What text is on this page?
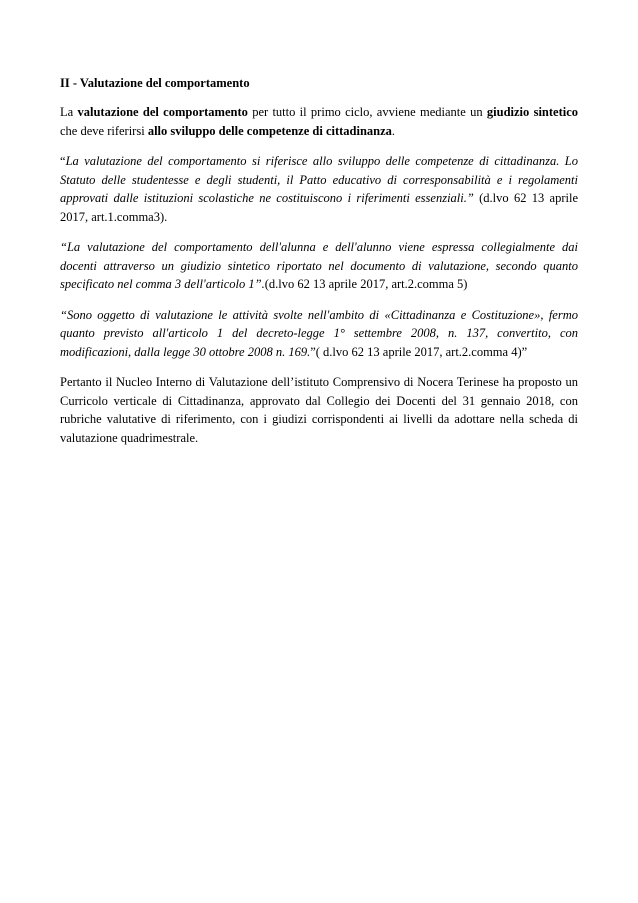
II - Valutazione del comportamento

La valutazione del comportamento per tutto il primo ciclo, avviene mediante un giudizio sintetico che deve riferirsi allo sviluppo delle competenze di cittadinanza.

“La valutazione del comportamento si riferisce allo sviluppo delle competenze di cittadinanza. Lo Statuto delle studentesse e degli studenti, il Patto educativo di corresponsabilità e i regolamenti approvati dalle istituzioni scolastiche ne costituiscono i riferimenti essenziali.” (d.lvo 62 13 aprile 2017, art.1.comma3).

“La valutazione del comportamento dell'alunna e dell'alunno viene espressa collegialmente dai docenti attraverso un giudizio sintetico riportato nel documento di valutazione, secondo quanto specificato nel comma 3 dell'articolo 1”.(d.lvo 62 13 aprile 2017, art.2.comma 5)

“Sono oggetto di valutazione le attività svolte nell'ambito di «Cittadinanza e Costituzione», fermo quanto previsto all'articolo 1 del decreto-legge 1° settembre 2008, n. 137, convertito, con modificazioni, dalla legge 30 ottobre 2008 n. 169.”( d.lvo 62 13 aprile 2017, art.2.comma 4)”

Pertanto il Nucleo Interno di Valutazione dell’istituto Comprensivo di Nocera Terinese ha proposto un Curricolo verticale di Cittadinanza, approvato dal Collegio dei Docenti del 31 gennaio 2018, con rubriche valutative di riferimento, con i giudizi corrispondenti ai livelli da adottare nella scheda di valutazione quadrimestrale.
